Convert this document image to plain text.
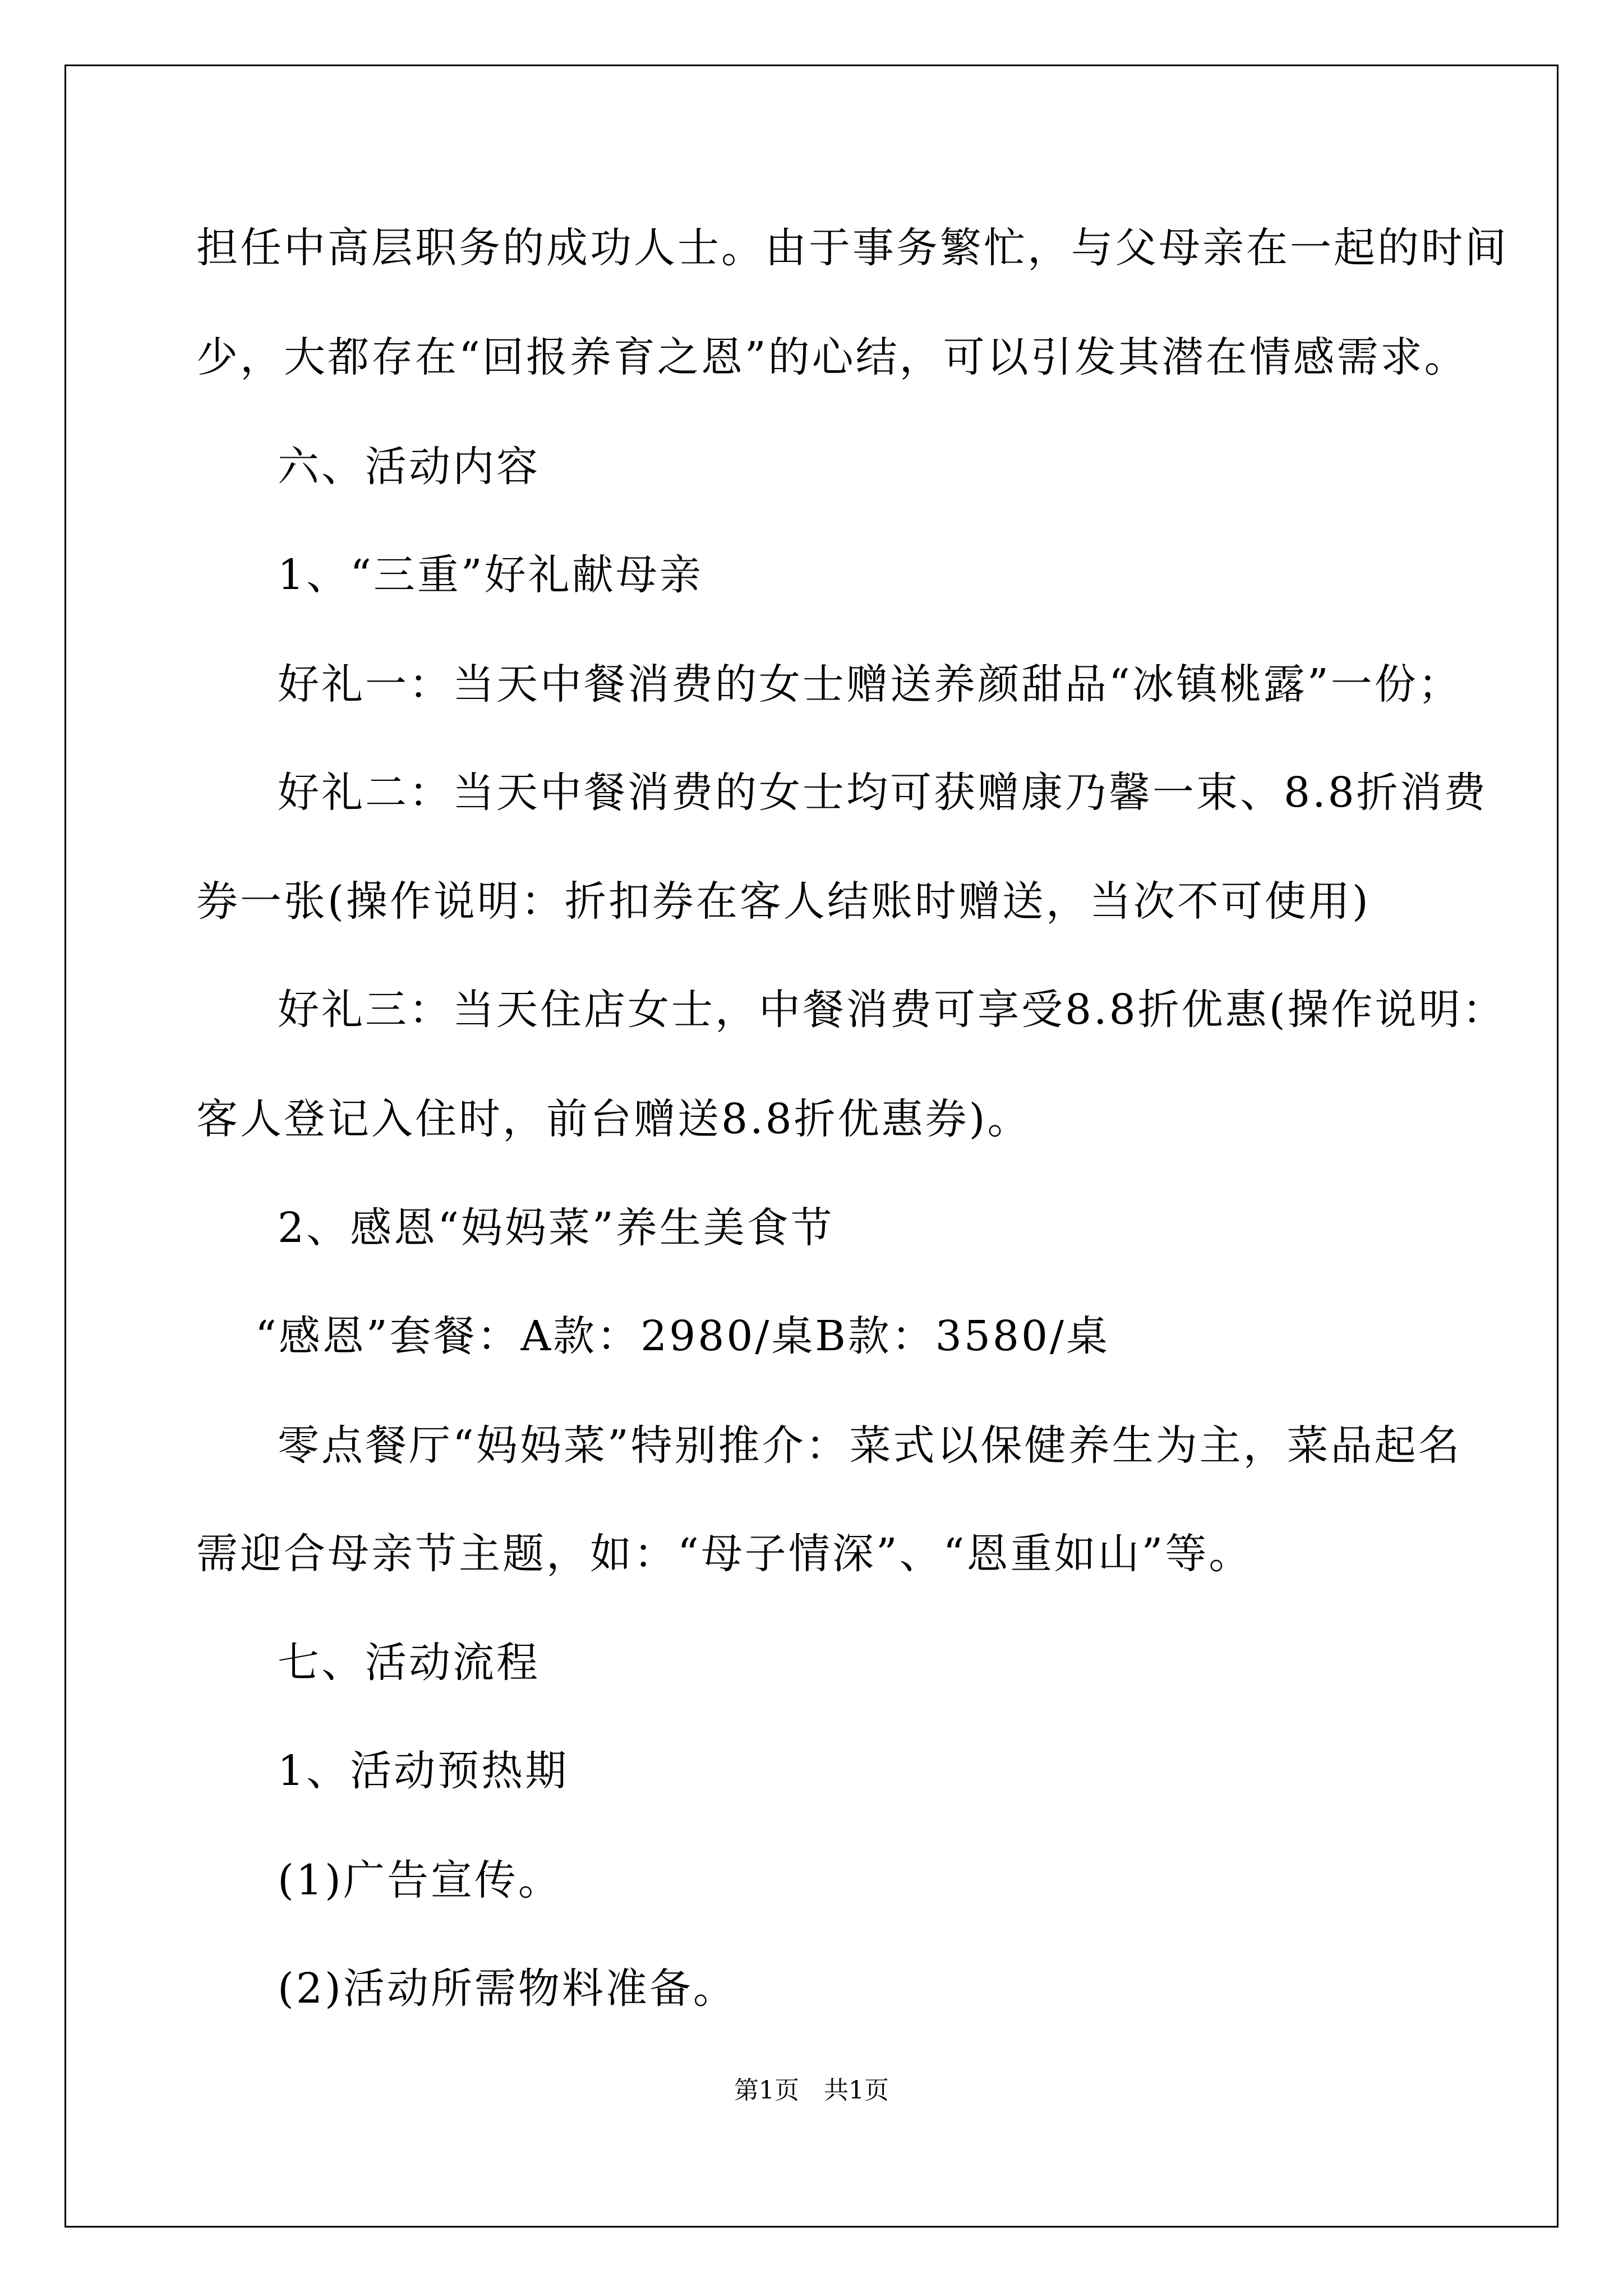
担任中高层职务的成功人士。由于事务繁忙，与父母亲在一起的时间
少，大都存在“回报养育之恩”的心结，可以引发其潜在情感需求。
六、活动内容
1、“三重”好礼献母亲
好礼一：当天中餐消费的女士赠送养颜甜品“冰镇桃露”一份；
好礼二：当天中餐消费的女士均可获赠康乃馨一束、8.8折消费
券一张(操作说明：折扣券在客人结账时赠送，当次不可使用)
好礼三：当天住店女士，中餐消费可享受8.8折优惠(操作说明：
客人登记入住时，前台赠送8.8折优惠券)。
2、感恩“妈妈菜”养生美食节
“感恩”套餐：A款：2980/桌B款：3580/桌
零点餐厅“妈妈菜”特别推介：菜式以保健养生为主，菜品起名
需迎合母亲节主题，如：“母子情深”、“恩重如山”等。
七、活动流程
1、活动预热期
(1)广告宣传。
(2)活动所需物料准备。
第1页　共1页
